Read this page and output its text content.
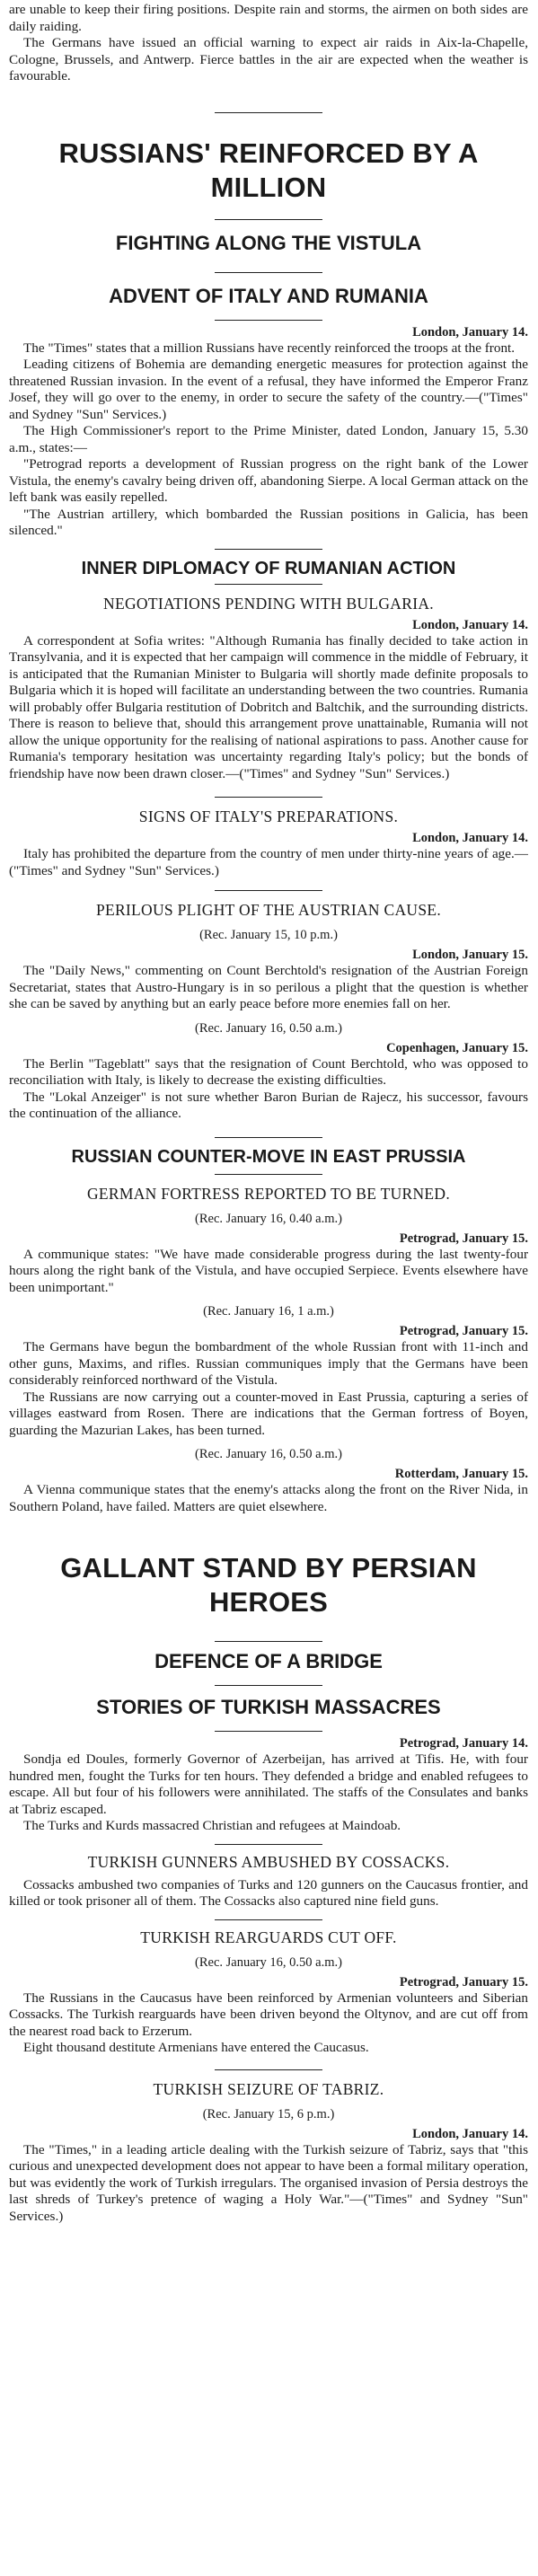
are unable to keep their firing positions. Despite rain and storms, the airmen on both sides are daily raiding.

The Germans have issued an official warning to expect air raids in Aix-la-Chapelle, Cologne, Brussels, and Antwerp. Fierce battles in the air are expected when the weather is favourable.

RUSSIANS' REINFORCED BY A MILLION
FIGHTING ALONG THE VISTULA
ADVENT OF ITALY AND RUMANIA
London, January 14.

The "Times" states that a million Russians have recently reinforced the troops at the front.

Leading citizens of Bohemia are demanding energetic measures for protection against the threatened Russian invasion. In the event of a refusal, they have informed the Emperor Franz Josef, they will go over to the enemy, in order to secure the safety of the country.—("Times" and Sydney "Sun" Services.)

The High Commissioner's report to the Prime Minister, dated London, January 15, 5.30 a.m., states:—

"Petrograd reports a development of Russian progress on the right bank of the Lower Vistula, the enemy's cavalry being driven off, abandoning Sierpe. A local German attack on the left bank was easily repelled.

"The Austrian artillery, which bombarded the Russian positions in Galicia, has been silenced."

INNER DIPLOMACY OF RUMANIAN ACTION
NEGOTIATIONS PENDING WITH BULGARIA.
London, January 14.

A correspondent at Sofia writes: "Although Rumania has finally decided to take action in Transylvania, and it is expected that her campaign will commence in the middle of February, it is anticipated that the Rumanian Minister to Bulgaria will shortly made definite proposals to Bulgaria which it is hoped will facilitate an understanding between the two countries. Rumania will probably offer Bulgaria restitution of Dobritch and Baltchik, and the surrounding districts. There is reason to believe that, should this arrangement prove unattainable, Rumania will not allow the unique opportunity for the realising of national aspirations to pass. Another cause for Rumania's temporary hesitation was uncertainty regarding Italy's policy; but the bonds of friendship have now been drawn closer.—("Times" and Sydney "Sun" Services.)

SIGNS OF ITALY'S PREPARATIONS.
London, January 14.

Italy has prohibited the departure from the country of men under thirty-nine years of age.—("Times" and Sydney "Sun" Services.)

PERILOUS PLIGHT OF THE AUSTRIAN CAUSE.
(Rec. January 15, 10 p.m.)
London, January 15.

The "Daily News," commenting on Count Berchtold's resignation of the Austrian Foreign Secretariat, states that Austro-Hungary is in so perilous a plight that the question is whether she can be saved by anything but an early peace before more enemies fall on her.

(Rec. January 16, 0.50 a.m.)
Copenhagen, January 15.

The Berlin "Tageblatt" says that the resignation of Count Berchtold, who was opposed to reconciliation with Italy, is likely to decrease the existing difficulties.

The "Lokal Anzeiger" is not sure whether Baron Burian de Rajecz, his successor, favours the continuation of the alliance.

RUSSIAN COUNTER-MOVE IN EAST PRUSSIA
GERMAN FORTRESS REPORTED TO BE TURNED.
(Rec. January 16, 0.40 a.m.)
Petrograd, January 15.

A communique states: "We have made considerable progress during the last twenty-four hours along the right bank of the Vistula, and have occupied Serpiece. Events elsewhere have been unimportant."

(Rec. January 16, 1 a.m.)
Petrograd, January 15.

The Germans have begun the bombardment of the whole Russian front with 11-inch and other guns, Maxims, and rifles. Russian communiques imply that the Germans have been considerably reinforced northward of the Vistula.

The Russians are now carrying out a counter-moved in East Prussia, capturing a series of villages eastward from Rosen. There are indications that the German fortress of Boyen, guarding the Mazurian Lakes, has been turned.

(Rec. January 16, 0.50 a.m.)
Rotterdam, January 15.

A Vienna communique states that the enemy's attacks along the front on the River Nida, in Southern Poland, have failed. Matters are quiet elsewhere.

GALLANT STAND BY PERSIAN HEROES
DEFENCE OF A BRIDGE
STORIES OF TURKISH MASSACRES
Petrograd, January 14.

Sondja ed Doules, formerly Governor of Azerbeijan, has arrived at Tifis. He, with four hundred men, fought the Turks for ten hours. They defended a bridge and enabled refugees to escape. All but four of his followers were annihilated. The staffs of the Consulates and banks at Tabriz escaped.

The Turks and Kurds massacred Christian and refugees at Maindoab.

TURKISH GUNNERS AMBUSHED BY COSSACKS.

Cossacks ambushed two companies of Turks and 120 gunners on the Caucasus frontier, and killed or took prisoner all of them. The Cossacks also captured nine field guns.

TURKISH REARGUARDS CUT OFF.
(Rec. January 16, 0.50 a.m.)
Petrograd, January 15.

The Russians in the Caucasus have been reinforced by Armenian volunteers and Siberian Cossacks. The Turkish rearguards have been driven beyond the Oltynov, and are cut off from the nearest road back to Erzerum.

Eight thousand destitute Armenians have entered the Caucasus.

TURKISH SEIZURE OF TABRIZ.
(Rec. January 15, 6 p.m.)
London, January 14.

The "Times," in a leading article dealing with the Turkish seizure of Tabriz, says that "this curious and unexpected development does not appear to have been a formal military operation, but was evidently the work of Turkish irregulars. The organised invasion of Persia destroys the last shreds of Turkey's pretence of waging a Holy War."—("Times" and Sydney "Sun" Services.)
